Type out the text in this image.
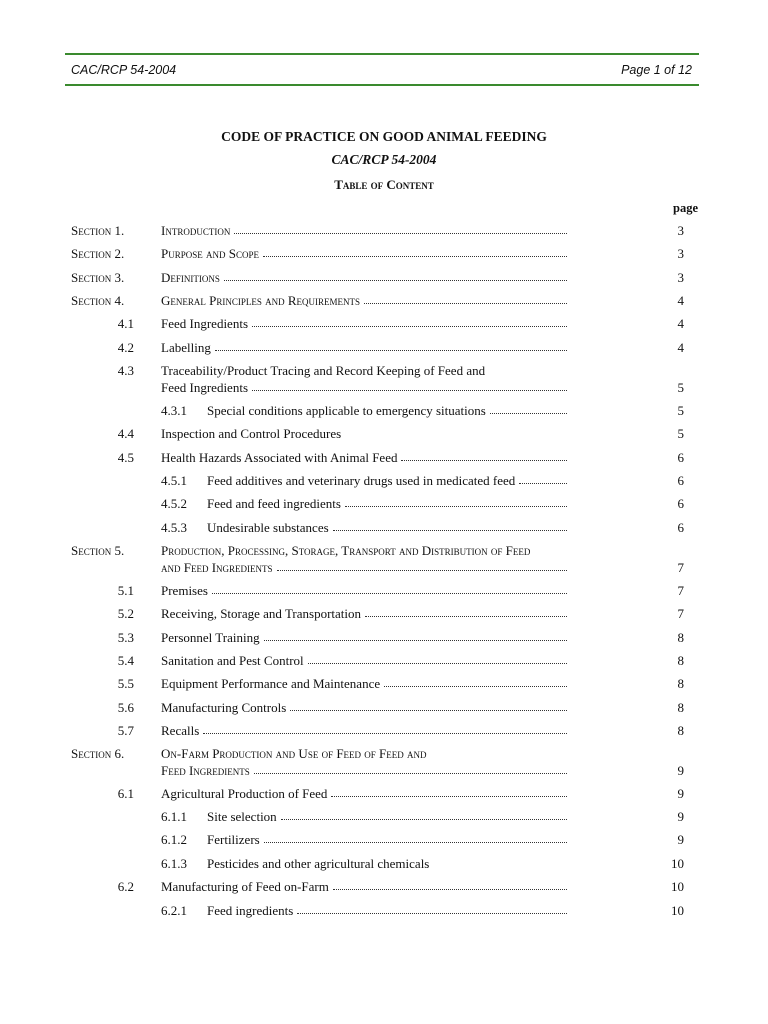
CAC/RCP 54-2004	Page 1 of 12
CODE OF PRACTICE ON GOOD ANIMAL FEEDING
CAC/RCP 54-2004
Table of Content
page
Section 1.	Introduction	3
Section 2.	Purpose and Scope	3
Section 3.	Definitions	3
Section 4.	General Principles and Requirements	4
4.1 Feed Ingredients	4
4.2 Labelling	4
4.3 Traceability/Product Tracing and Record Keeping of Feed and
Feed Ingredients	5
4.3.1 Special conditions applicable to emergency situations	5
4.4 Inspection and Control Procedures	5
4.5 Health Hazards Associated with Animal Feed	6
4.5.1 Feed additives and veterinary drugs used in medicated feed	6
4.5.2 Feed and feed ingredients	6
4.5.3 Undesirable substances	6
Section 5.	Production, Processing, Storage, Transport and Distribution of Feed
and Feed Ingredients	7
5.1 Premises	7
5.2 Receiving, Storage and Transportation	7
5.3 Personnel Training	8
5.4 Sanitation and Pest Control	8
5.5 Equipment Performance and Maintenance	8
5.6 Manufacturing Controls	8
5.7 Recalls	8
Section 6.	On-Farm Production and Use of Feed of Feed and
Feed Ingredients	9
6.1 Agricultural Production of Feed	9
6.1.1 Site selection	9
6.1.2 Fertilizers	9
6.1.3 Pesticides and other agricultural chemicals	10
6.2 Manufacturing of Feed on-Farm	10
6.2.1 Feed ingredients	10
